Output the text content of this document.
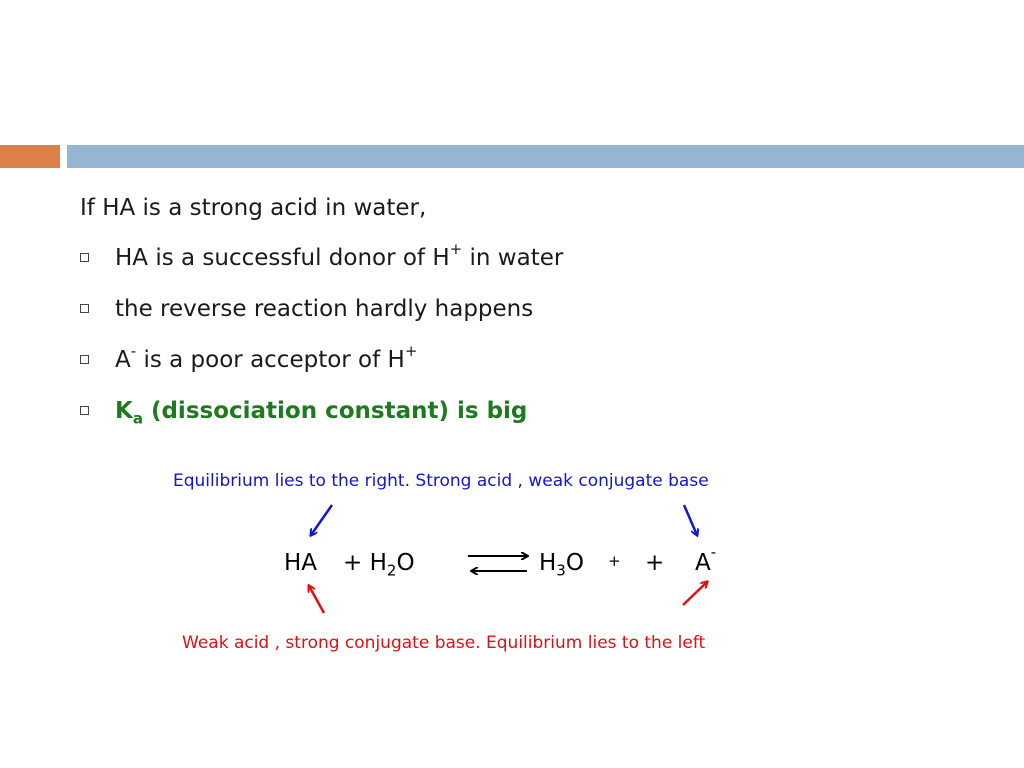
If HA is a strong acid in water,
HA is a successful donor of H+ in water
the reverse reaction hardly happens
A- is a poor acceptor of H+
$K_a$ (dissociation constant) is big
Equilibrium lies to the right. Strong acid , weak conjugate base
HA + $H_2O$	$H_3O$ + + A-
Weak acid , strong conjugate base. Equilibrium lies to the left
